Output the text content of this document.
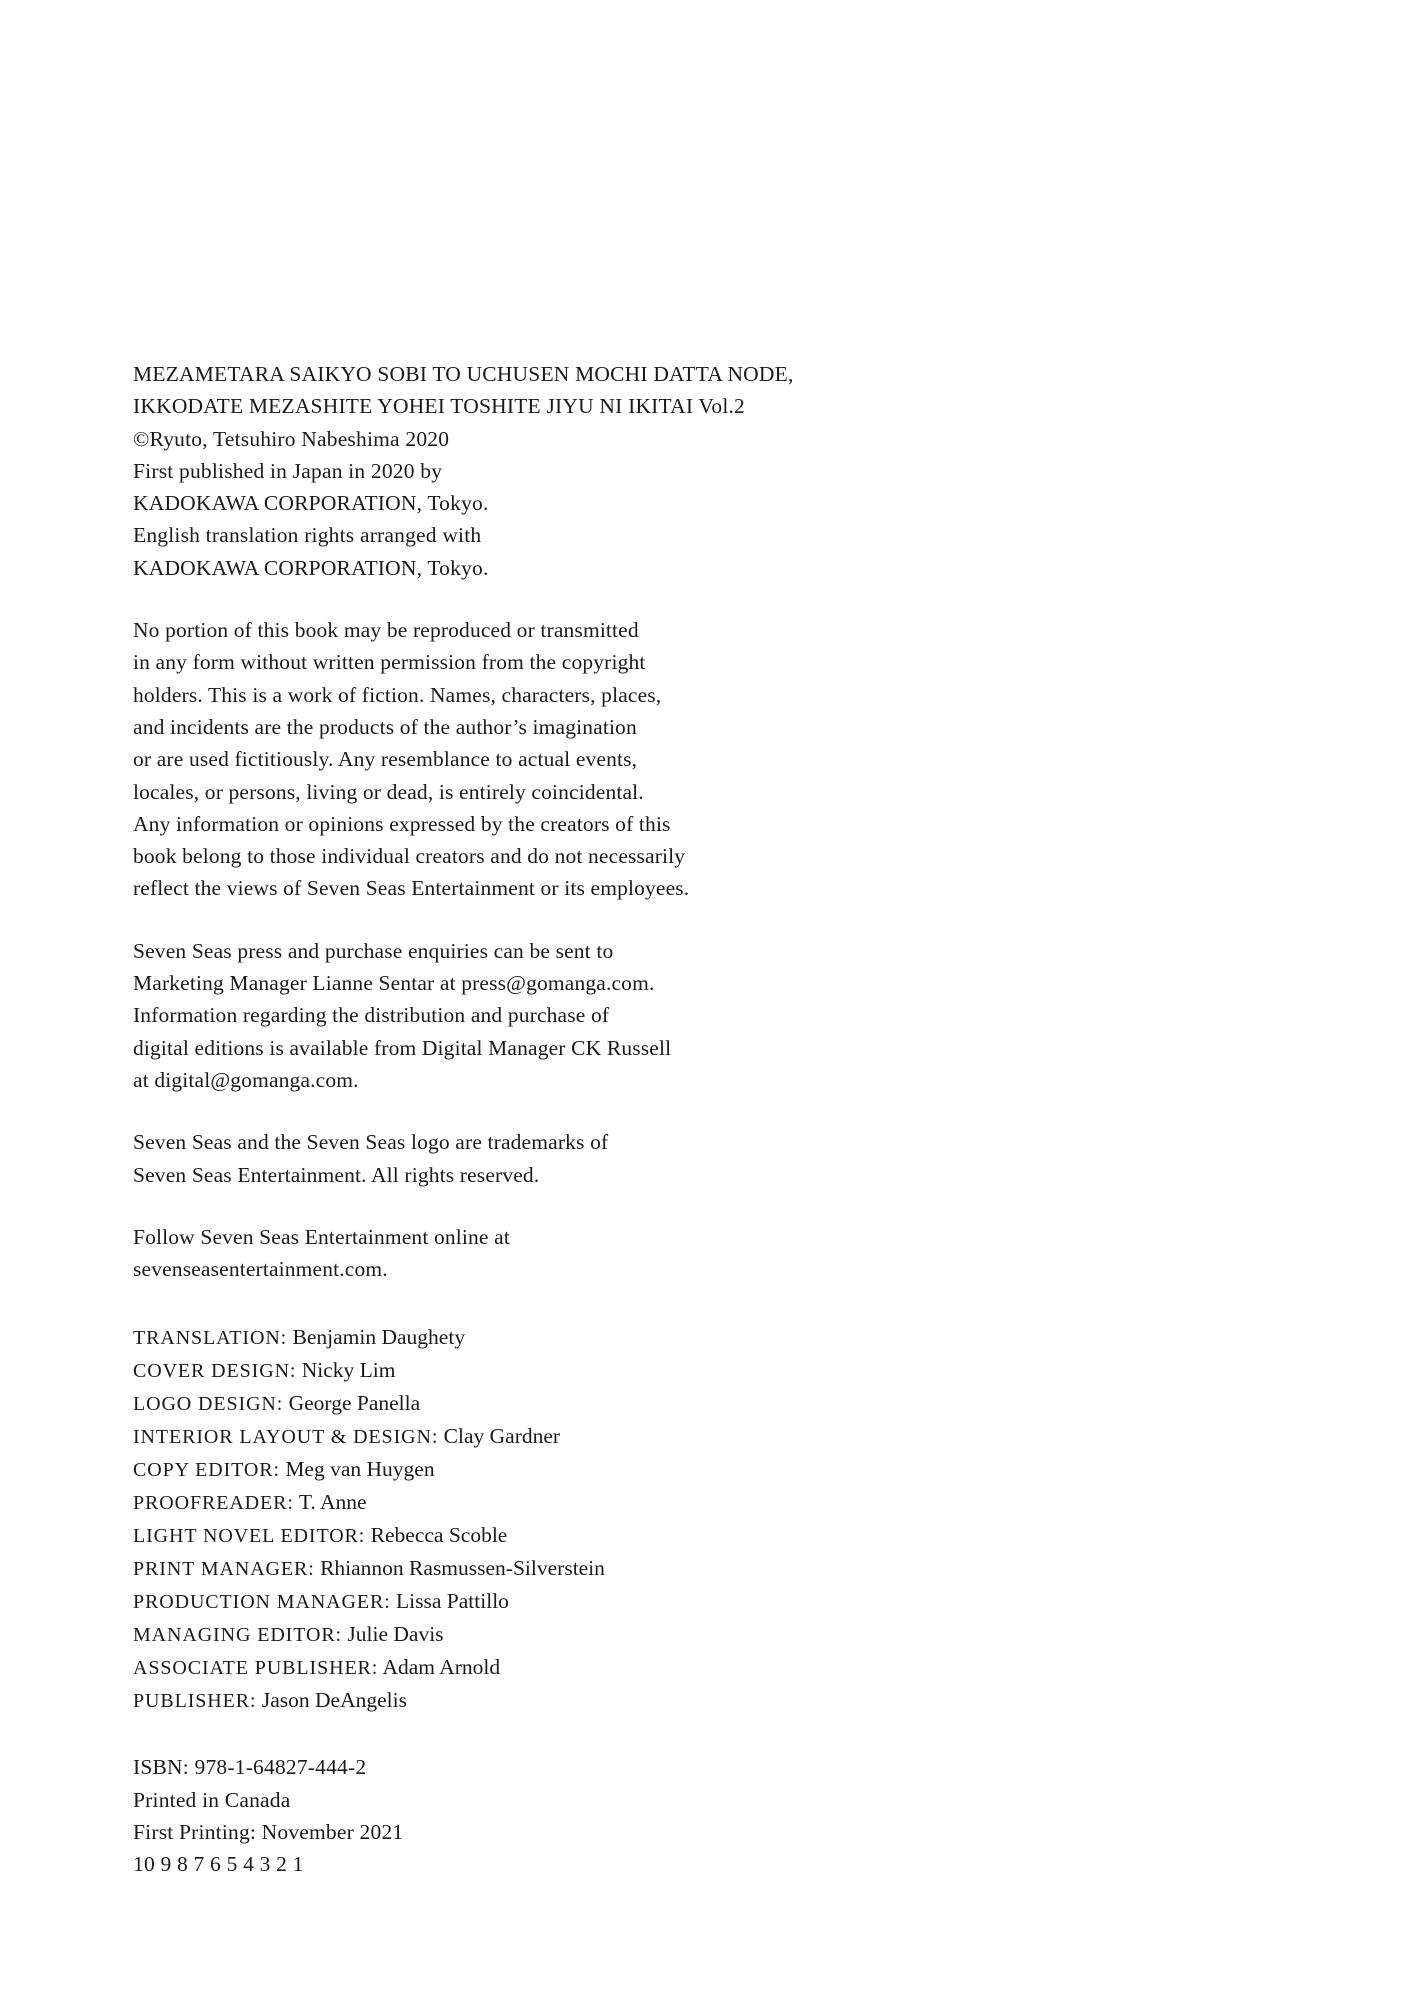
MEZAMETARA SAIKYO SOBI TO UCHUSEN MOCHI DATTA NODE,
IKKODATE MEZASHITE YOHEI TOSHITE JIYU NI IKITAI Vol.2
©Ryuto, Tetsuhiro Nabeshima 2020
First published in Japan in 2020 by
KADOKAWA CORPORATION, Tokyo.
English translation rights arranged with
KADOKAWA CORPORATION, Tokyo.
No portion of this book may be reproduced or transmitted
in any form without written permission from the copyright
holders. This is a work of fiction. Names, characters, places,
and incidents are the products of the author’s imagination
or are used fictitiously. Any resemblance to actual events,
locales, or persons, living or dead, is entirely coincidental.
Any information or opinions expressed by the creators of this
book belong to those individual creators and do not necessarily
reflect the views of Seven Seas Entertainment or its employees.
Seven Seas press and purchase enquiries can be sent to
Marketing Manager Lianne Sentar at press@gomanga.com.
Information regarding the distribution and purchase of
digital editions is available from Digital Manager CK Russell
at digital@gomanga.com.
Seven Seas and the Seven Seas logo are trademarks of
Seven Seas Entertainment. All rights reserved.
Follow Seven Seas Entertainment online at
sevenseasentertainment.com.
TRANSLATION: Benjamin Daughety
COVER DESIGN: Nicky Lim
LOGO DESIGN: George Panella
INTERIOR LAYOUT & DESIGN: Clay Gardner
COPY EDITOR: Meg van Huygen
PROOFREADER: T. Anne
LIGHT NOVEL EDITOR: Rebecca Scoble
PRINT MANAGER: Rhiannon Rasmussen-Silverstein
PRODUCTION MANAGER: Lissa Pattillo
MANAGING EDITOR: Julie Davis
ASSOCIATE PUBLISHER: Adam Arnold
PUBLISHER: Jason DeAngelis
ISBN: 978-1-64827-444-2
Printed in Canada
First Printing: November 2021
10 9 8 7 6 5 4 3 2 1
